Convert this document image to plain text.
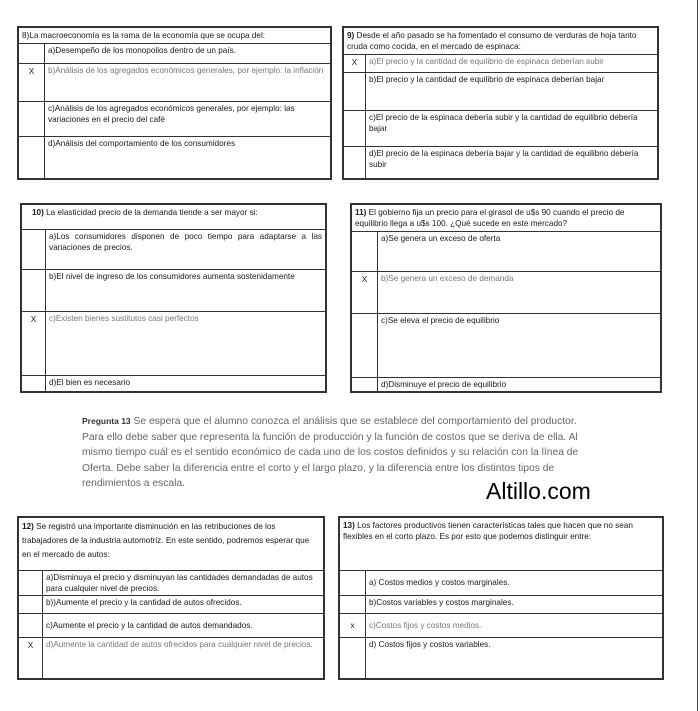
8)La macroeconomía es la rama de la economía que se ocupa del:	
	a)Desempeño de los monopolios dentro de un país.
X	b)Análisis de los agregados económicos generales, por ejemplo: la inflación
	c)Análisis de los agregados económicos generales, por ejemplo: las variaciones en el precio del café
	d)Análisis del comportamiento de los consumidores
9) Desde el año pasado se ha fomentado el consumo de verduras de hoja tanto cruda como cocida, en el mercado de espinaca:	
X	a)El precio y la cantidad de equilibrio de espinaca deberían subir
	b)El precio y la cantidad de equilibrio de espinaca deberían bajar
	c)El precio de la espinaca debería subir y la cantidad de equilibrio debería bajar
	d)El precio de la espinaca debería bajar y la cantidad de equilibrio debería subir
10) La elasticidad precio de la demanda tiende a ser mayor si:	
	a)Los consumidores disponen de poco tiempo para adaptarse a las variaciones de precios.
	b)El nivel de ingreso de los consumidores aumenta sostenidamente
X	c)Existen bienes sustitutos casi perfectos
	d)El bien es necesario
11) El gobierno fija un precio para el girasol de u$s 90 cuando el precio de equilibrio llega a u$s 100. ¿Qué sucede en este mercado?	
	a)Se genera un exceso de oferta
X	b)Se genera un exceso de demanda
	c)Se eleva el precio de equilibrio
	d)Disminuye el precio de equilibrio
Pregunta 13 Se espera que el alumno conozca el análisis que se establece del comportamiento del productor. Para ello debe saber que representa la función de producción y la función de costos que se deriva de ella. Al mismo tiempo cuál es el sentido económico de cada uno de los costos definidos y su relación con la línea de Oferta. Debe saber la diferencia entre el corto y el largo plazo, y la diferencia entre los distintos tipos de rendimientos a escala.	Altillo.com
12) Se registró una importante disminución en las retribuciones de los trabajadores de la industria automotriz. En este sentido, podremos esperar que en el mercado de autos:	
	a)Disminuya el precio y disminuyan las cantidades demandadas de autos para cualquier nivel de precios.
	b))Aumente el precio y la cantidad de autos ofrecidos.
	c)Aumente el precio y la cantidad de autos demandados.
X	d)Aumente la cantidad de autos ofrecidos para cualquier nivel de precios.
13) Los factores productivos tienen características tales que hacen que no sean flexibles en el corto plazo. Es por esto que podemos distinguir entre:	
	a) Costos medios y costos marginales.
	b)Costos variables y costos marginales.
x	c)Costos fijos y costos medios.
	d) Costos fijos y costos variables.
